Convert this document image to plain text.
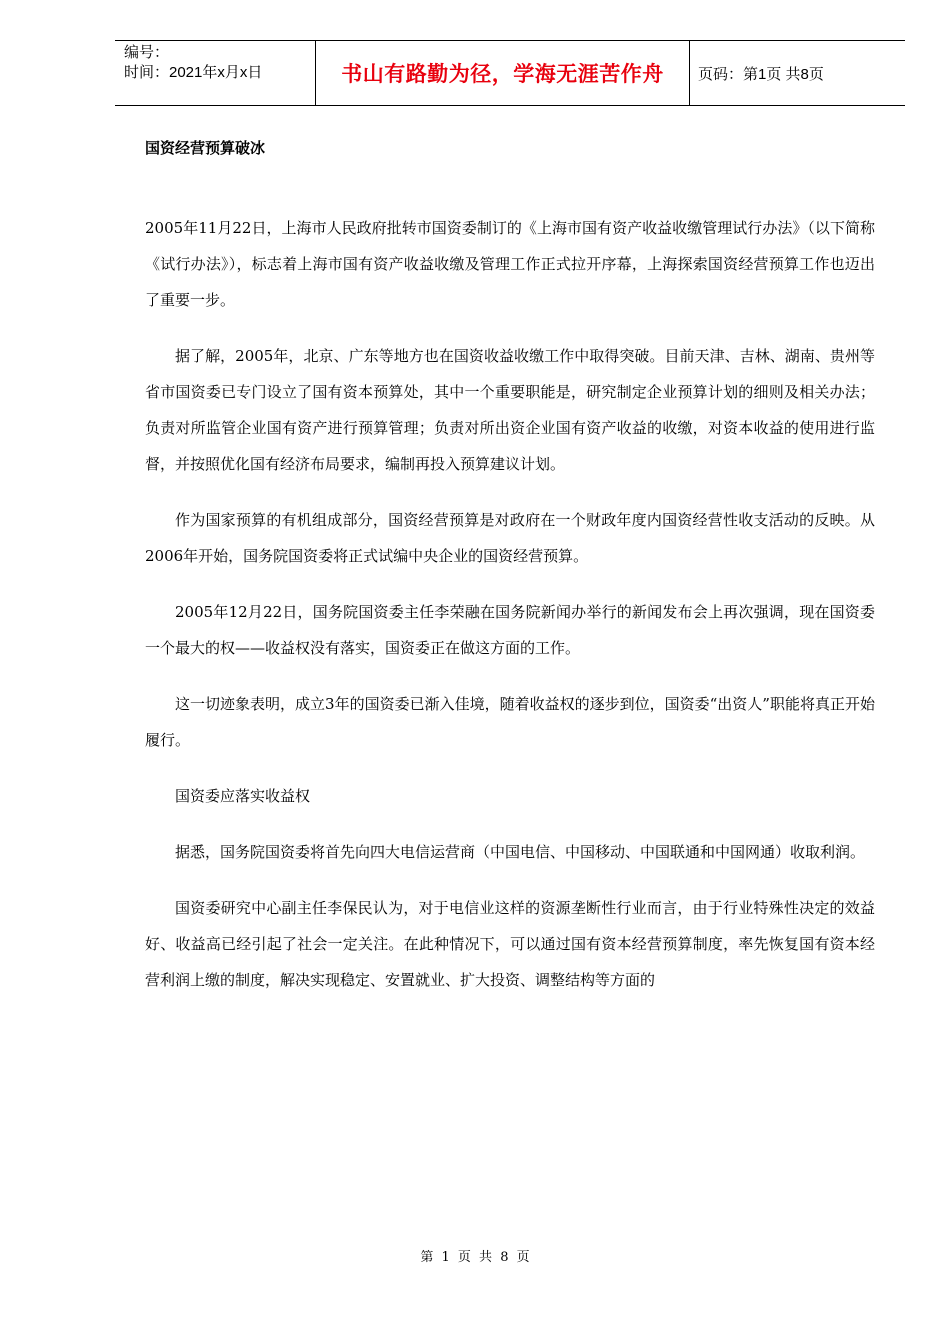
编号：
时间：2021年x月x日	书山有路勤为径，学海无涯苦作舟	页码：第1页 共8页
国资经营预算破冰

2005年11月22日，上海市人民政府批转市国资委制订的《上海市国有资产收益收缴管理试行办法》（以下简称《试行办法》），标志着上海市国有资产收益收缴及管理工作正式拉开序幕，上海探索国资经营预算工作也迈出了重要一步。

据了解，2005年，北京、广东等地方也在国资收益收缴工作中取得突破。目前天津、吉林、湖南、贵州等省市国资委已专门设立了国有资本预算处，其中一个重要职能是，研究制定企业预算计划的细则及相关办法；负责对所监管企业国有资产进行预算管理；负责对所出资企业国有资产收益的收缴，对资本收益的使用进行监督，并按照优化国有经济布局要求，编制再投入预算建议计划。

作为国家预算的有机组成部分，国资经营预算是对政府在一个财政年度内国资经营性收支活动的反映。从2006年开始，国务院国资委将正式试编中央企业的国资经营预算。

2005年12月22日，国务院国资委主任李荣融在国务院新闻办举行的新闻发布会上再次强调，现在国资委一个最大的权——收益权没有落实，国资委正在做这方面的工作。

这一切迹象表明，成立3年的国资委已渐入佳境，随着收益权的逐步到位，国资委“出资人”职能将真正开始履行。

国资委应落实收益权

据悉，国务院国资委将首先向四大电信运营商（中国电信、中国移动、中国联通和中国网通）收取利润。

国资委研究中心副主任李保民认为，对于电信业这样的资源垄断性行业而言，由于行业特殊性决定的效益好、收益高已经引起了社会一定关注。在此种情况下，可以通过国有资本经营预算制度，率先恢复国有资本经营利润上缴的制度，解决实现稳定、安置就业、扩大投资、调整结构等方面的

第 1 页 共 8 页
